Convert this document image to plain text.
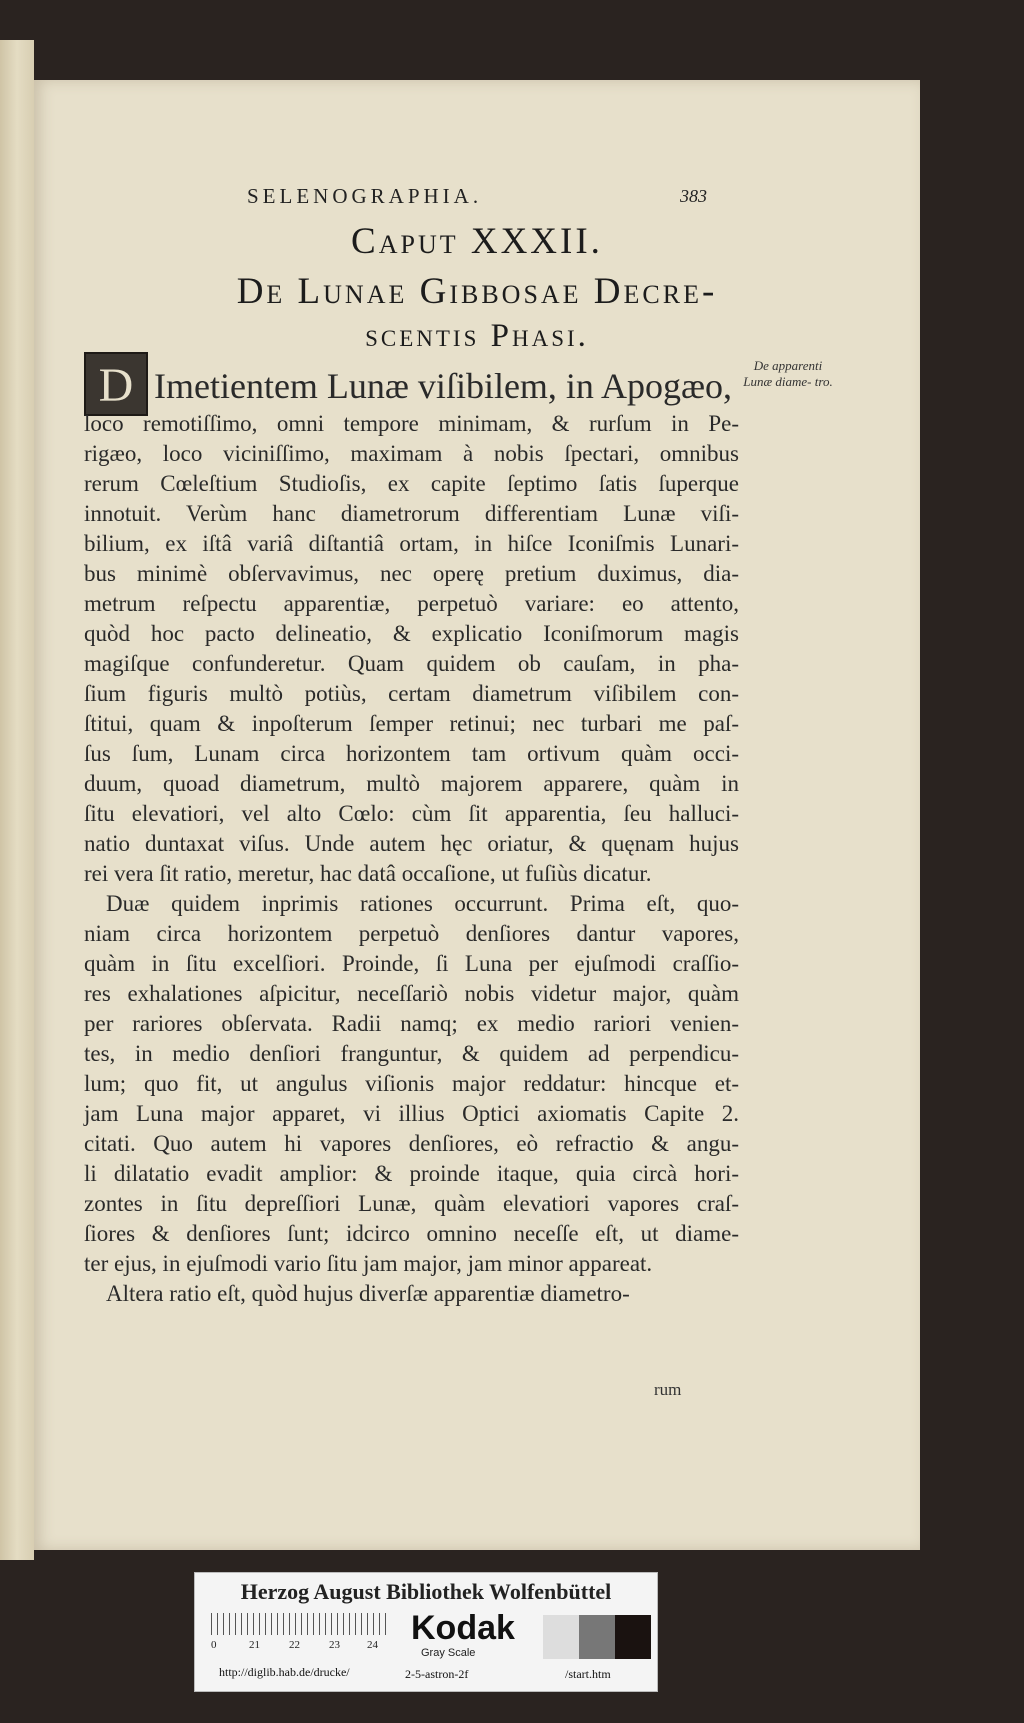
SELENOGRAPHIA.	383
Caput XXXII.
De Lunae Gibbosae Decre-
scentis Phasi.
D	De apparenti Lunæ diame- tro.
Imetientem Lunæ viſibilem, in Apogæo,
loco remotiſſimo, omni tempore minimam, & rurſum in Pe-
rigæo, loco viciniſſimo, maximam à nobis ſpectari, omnibus
rerum Cœleſtium Studioſis, ex capite ſeptimo ſatis ſuperque
innotuit. Verùm hanc diametrorum differentiam Lunæ viſi-
bilium, ex iſtâ variâ diſtantiâ ortam, in hiſce Iconiſmis Lunari-
bus minimè obſervavimus, nec operę pretium duximus, dia-
metrum reſpectu apparentiæ, perpetuò variare: eo attento,
quòd hoc pacto delineatio, & explicatio Iconiſmorum magis
magiſque confunderetur. Quam quidem ob cauſam, in pha-
ſium figuris multò potiùs, certam diametrum viſibilem con-
ſtitui, quam & inpoſterum ſemper retinui; nec turbari me paſ-
ſus ſum, Lunam circa horizontem tam ortivum quàm occi-
duum, quoad diametrum, multò majorem apparere, quàm in
ſitu elevatiori, vel alto Cœlo: cùm ſit apparentia, ſeu halluci-
natio duntaxat viſus. Unde autem hęc oriatur, & quęnam hujus
rei vera ſit ratio, meretur, hac datâ occaſione, ut fuſiùs dicatur.
Duæ quidem inprimis rationes occurrunt. Prima eſt, quo-
niam circa horizontem perpetuò denſiores dantur vapores,
quàm in ſitu excelſiori. Proinde, ſi Luna per ejuſmodi craſſio-
res exhalationes aſpicitur, neceſſariò nobis videtur major, quàm
per rariores obſervata. Radii namq; ex medio rariori venien-
tes, in medio denſiori franguntur, & quidem ad perpendicu-
lum; quo fit, ut angulus viſionis major reddatur: hincque et-
jam Luna major apparet, vi illius Optici axiomatis Capite 2.
citati. Quo autem hi vapores denſiores, eò refractio & angu-
li dilatatio evadit amplior: & proinde itaque, quia circà hori-
zontes in ſitu depreſſiori Lunæ, quàm elevatiori vapores craſ-
ſiores & denſiores ſunt; idcirco omnino neceſſe eſt, ut diame-
ter ejus, in ejuſmodi vario ſitu jam major, jam minor appareat.
Altera ratio eſt, quòd hujus diverſæ apparentiæ diametro-
rum
Herzog August Bibliothek Wolfenbüttel
0	21	22	23 24 Kodak
Gray Scale
http://diglib.hab.de/drucke/	2-5-astron-2f	/start.htm
